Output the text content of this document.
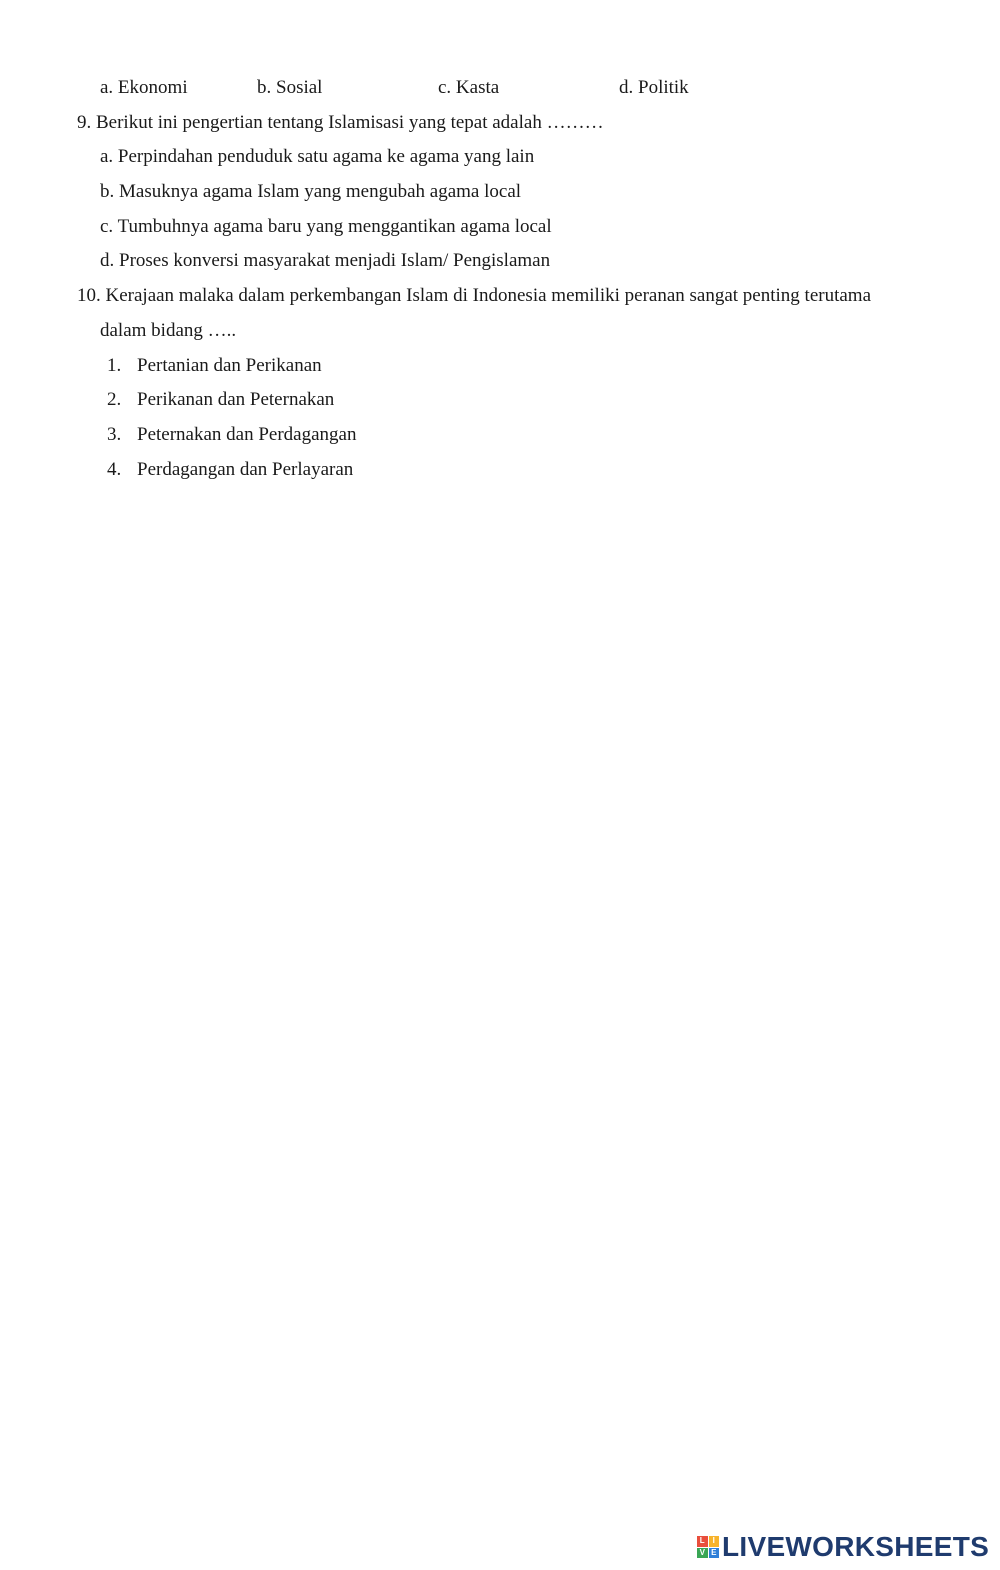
a. Ekonomi	b. Sosial	c. Kasta	d. Politik
9. Berikut ini pengertian tentang Islamisasi yang tepat adalah ………
a. Perpindahan penduduk satu agama ke agama yang lain
b. Masuknya agama Islam yang mengubah agama local
c. Tumbuhnya agama baru yang menggantikan agama local
d. Proses konversi masyarakat menjadi Islam/ Pengislaman
10. Kerajaan malaka dalam perkembangan Islam di Indonesia memiliki peranan sangat penting terutama
dalam bidang …..
1. Pertanian dan Perikanan
2. Perikanan dan Peternakan
3. Peternakan dan Perdagangan
4. Perdagangan dan Perlayaran
L I
V E LIVEWORKSHEETS
